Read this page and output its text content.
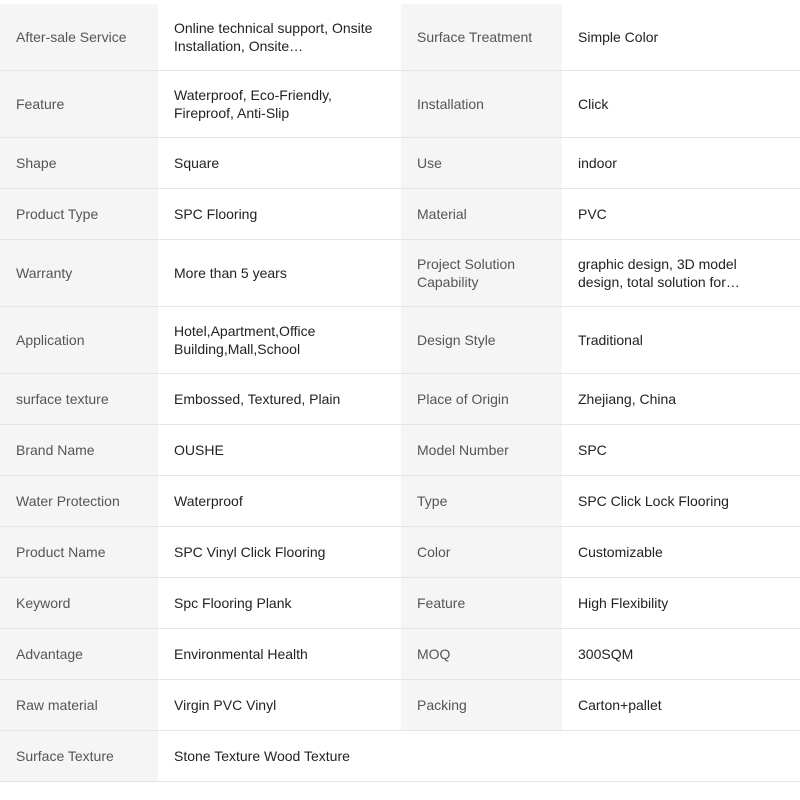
After-sale Service	Online technical support, Onsite Installation, Onsite…	Surface Treatment	Simple Color

Feature	Waterproof, Eco-Friendly, Fireproof, Anti-Slip	Installation	Click

Shape	Square	Use	indoor

Product Type	SPC Flooring	Material	PVC

Warranty	More than 5 years	Project Solution Capability	graphic design, 3D model design, total solution for…

Application	Hotel,Apartment,Office Building,Mall,School	Design Style	Traditional

surface texture	Embossed, Textured, Plain	Place of Origin	Zhejiang, China

Brand Name	OUSHE	Model Number	SPC

Water Protection	Waterproof	Type	SPC Click Lock Flooring

Product Name	SPC Vinyl Click Flooring	Color	Customizable

Keyword	Spc Flooring Plank	Feature	High Flexibility

Advantage	Environmental Health	MOQ	300SQM

Raw material	Virgin PVC Vinyl	Packing	Carton+pallet

Surface Texture	Stone Texture Wood Texture		
